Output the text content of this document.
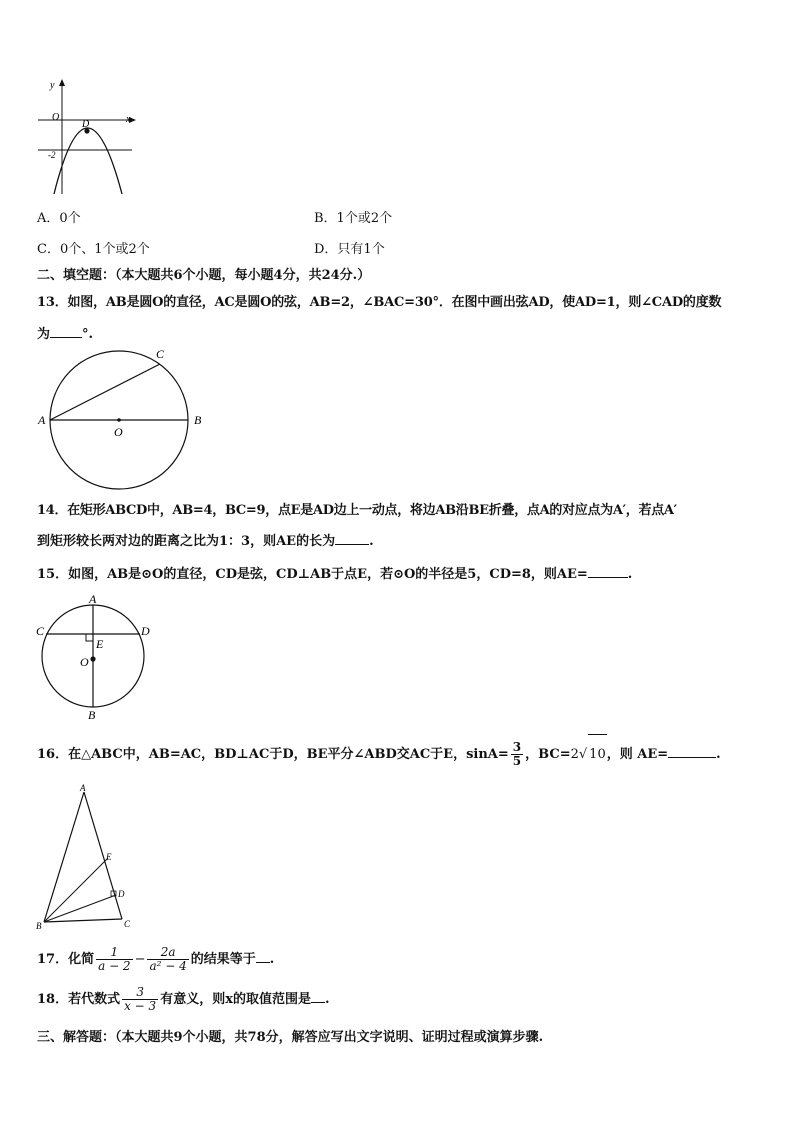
y
x
O
D
-2
A．0个	B．1个或2个
C．0个、1个或2个	D．只有1个
二、填空题：（本大题共6个小题，每小题4分，共24分.）
13．如图，AB是圆O的直径，AC是圆O的弦，AB=2，∠BAC=30°．在图中画出弦AD，使AD=1，则∠CAD的度数
为 °.
A	B
C
O
14．在矩形ABCD中，AB=4，BC=9，点E是AD边上一动点，将边AB沿BE折叠，点A的对应点为A′，若点A′
到矩形较长两对边的距离之比为1：3，则AE的长为	.
15．如图，AB是⊙O的直径，CD是弦，CD⊥AB于点E，若⊙O的半径是5，CD=8，则AE=	.
A
B
C	D
E
O
16．在△ABC中，AB=AC，BD⊥AC于D，BE平分∠ABD交AC于E，$\sin A= \frac{3}{5}$ ，BC=2√ 10，则 AE=	.
A
B	C
D
E
17．化简 $\frac{1}{a - 2} - \frac{2a}{\text{a² − 4}}$ 的结果等于 .
18．若代数式 $\frac{3}{x - 3}$ 有意义，则x的取值范围是 .
三、解答题：（本大题共9个小题，共78分，解答应写出文字说明、证明过程或演算步骤.
